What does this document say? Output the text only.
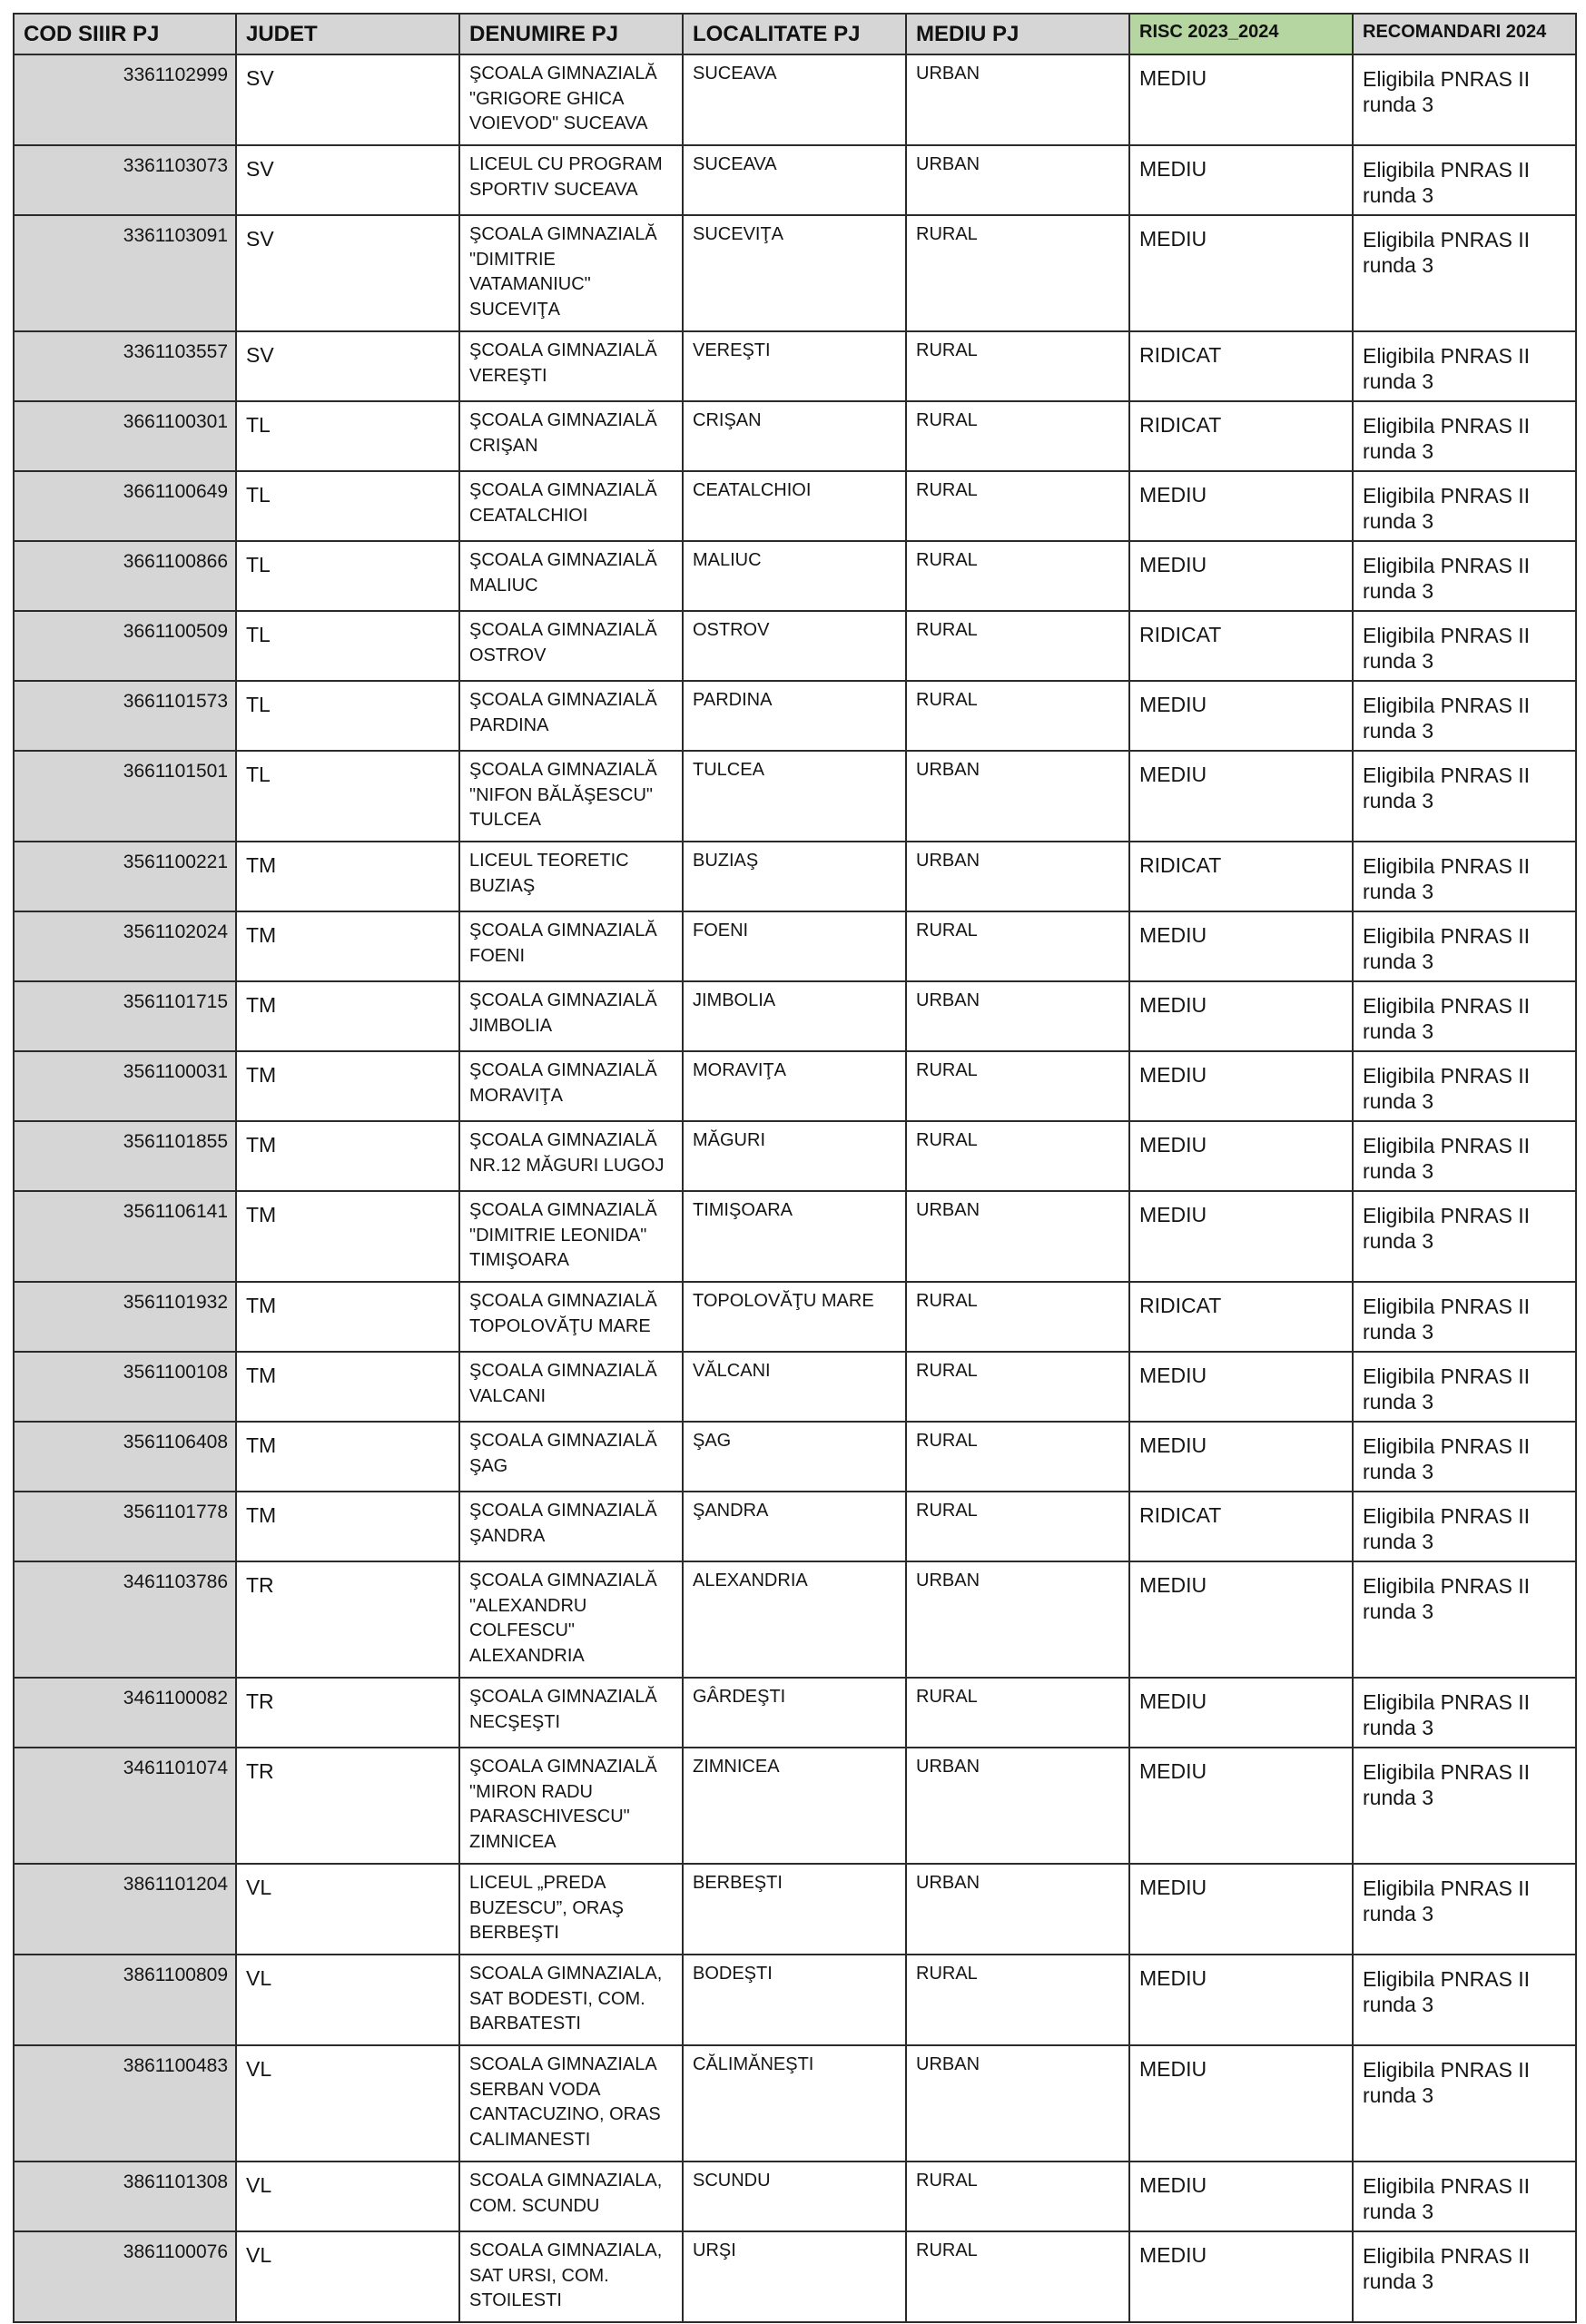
COD SIIIR PJ	JUDET	DENUMIRE PJ	LOCALITATE PJ	MEDIU PJ	RISC 2023_2024	RECOMANDARI 2024
3361102999	SV	ŞCOALA GIMNAZIALĂ "GRIGORE GHICA VOIEVOD" SUCEAVA	SUCEAVA	URBAN	MEDIU	Eligibila PNRAS II runda 3
3361103073	SV	LICEUL CU PROGRAM SPORTIV SUCEAVA	SUCEAVA	URBAN	MEDIU	Eligibila PNRAS II runda 3
3361103091	SV	ŞCOALA GIMNAZIALĂ "DIMITRIE VATAMANIUC" SUCEVIŢA	SUCEVIŢA	RURAL	MEDIU	Eligibila PNRAS II runda 3
3361103557	SV	ŞCOALA GIMNAZIALĂ VEREŞTI	VEREŞTI	RURAL	RIDICAT	Eligibila PNRAS II runda 3
3661100301	TL	ŞCOALA GIMNAZIALĂ CRIŞAN	CRIŞAN	RURAL	RIDICAT	Eligibila PNRAS II runda 3
3661100649	TL	ŞCOALA GIMNAZIALĂ CEATALCHIOI	CEATALCHIOI	RURAL	MEDIU	Eligibila PNRAS II runda 3
3661100866	TL	ŞCOALA GIMNAZIALĂ MALIUC	MALIUC	RURAL	MEDIU	Eligibila PNRAS II runda 3
3661100509	TL	ŞCOALA GIMNAZIALĂ OSTROV	OSTROV	RURAL	RIDICAT	Eligibila PNRAS II runda 3
3661101573	TL	ŞCOALA GIMNAZIALĂ PARDINA	PARDINA	RURAL	MEDIU	Eligibila PNRAS II runda 3
3661101501	TL	ŞCOALA GIMNAZIALĂ "NIFON BĂLĂŞESCU" TULCEA	TULCEA	URBAN	MEDIU	Eligibila PNRAS II runda 3
3561100221	TM	LICEUL TEORETIC BUZIAŞ	BUZIAŞ	URBAN	RIDICAT	Eligibila PNRAS II runda 3
3561102024	TM	ŞCOALA GIMNAZIALĂ FOENI	FOENI	RURAL	MEDIU	Eligibila PNRAS II runda 3
3561101715	TM	ŞCOALA GIMNAZIALĂ JIMBOLIA	JIMBOLIA	URBAN	MEDIU	Eligibila PNRAS II runda 3
3561100031	TM	ŞCOALA GIMNAZIALĂ MORAVIŢA	MORAVIŢA	RURAL	MEDIU	Eligibila PNRAS II runda 3
3561101855	TM	ŞCOALA GIMNAZIALĂ NR.12 MĂGURI LUGOJ	MĂGURI	RURAL	MEDIU	Eligibila PNRAS II runda 3
3561106141	TM	ŞCOALA GIMNAZIALĂ "DIMITRIE LEONIDA" TIMIŞOARA	TIMIŞOARA	URBAN	MEDIU	Eligibila PNRAS II runda 3
3561101932	TM	ŞCOALA GIMNAZIALĂ TOPOLOVĂŢU MARE	TOPOLOVĂŢU MARE	RURAL	RIDICAT	Eligibila PNRAS II runda 3
3561100108	TM	ŞCOALA GIMNAZIALĂ VALCANI	VĂLCANI	RURAL	MEDIU	Eligibila PNRAS II runda 3
3561106408	TM	ŞCOALA GIMNAZIALĂ ŞAG	ŞAG	RURAL	MEDIU	Eligibila PNRAS II runda 3
3561101778	TM	ŞCOALA GIMNAZIALĂ ŞANDRA	ŞANDRA	RURAL	RIDICAT	Eligibila PNRAS II runda 3
3461103786	TR	ŞCOALA GIMNAZIALĂ "ALEXANDRU COLFESCU" ALEXANDRIA	ALEXANDRIA	URBAN	MEDIU	Eligibila PNRAS II runda 3
3461100082	TR	ŞCOALA GIMNAZIALĂ NECŞEŞTI	GÂRDEŞTI	RURAL	MEDIU	Eligibila PNRAS II runda 3
3461101074	TR	ŞCOALA GIMNAZIALĂ "MIRON RADU PARASCHIVESCU" ZIMNICEA	ZIMNICEA	URBAN	MEDIU	Eligibila PNRAS II runda 3
3861101204	VL	LICEUL „PREDA BUZESCU”, ORAŞ BERBEŞTI	BERBEŞTI	URBAN	MEDIU	Eligibila PNRAS II runda 3
3861100809	VL	SCOALA GIMNAZIALA, SAT BODESTI, COM. BARBATESTI	BODEŞTI	RURAL	MEDIU	Eligibila PNRAS II runda 3
3861100483	VL	SCOALA GIMNAZIALA SERBAN VODA CANTACUZINO, ORAS CALIMANESTI	CĂLIMĂNEŞTI	URBAN	MEDIU	Eligibila PNRAS II runda 3
3861101308	VL	SCOALA GIMNAZIALA, COM. SCUNDU	SCUNDU	RURAL	MEDIU	Eligibila PNRAS II runda 3
3861100076	VL	SCOALA GIMNAZIALA, SAT URSI, COM. STOILESTI	URŞI	RURAL	MEDIU	Eligibila PNRAS II runda 3
